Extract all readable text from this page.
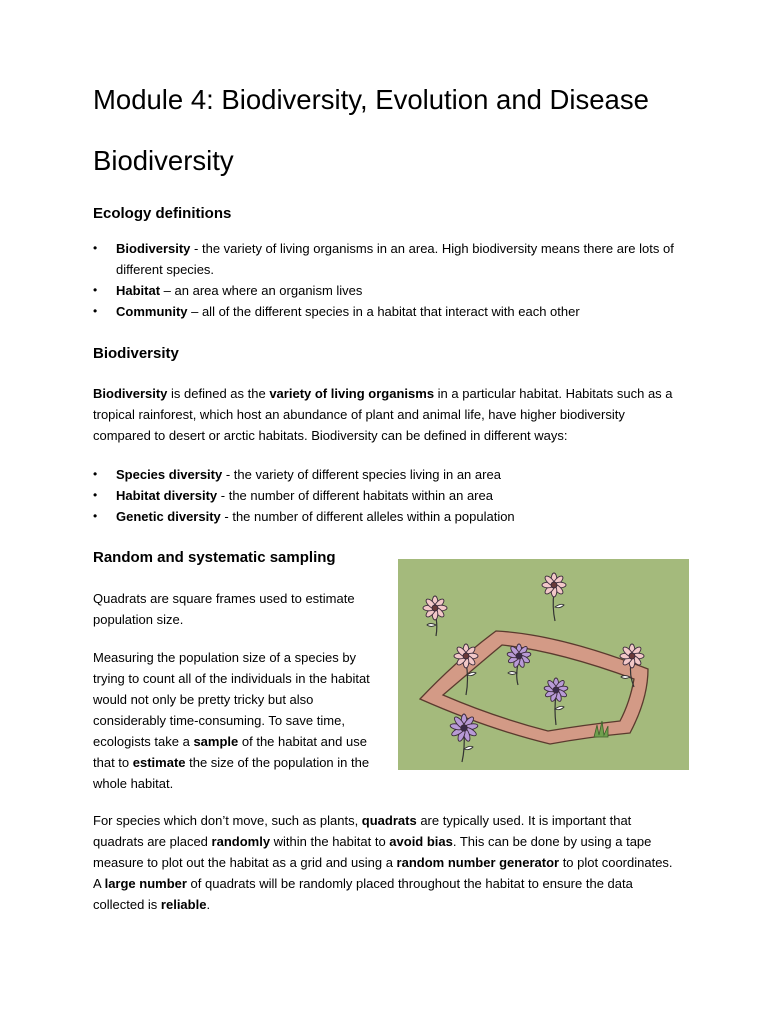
Module 4: Biodiversity, Evolution and Disease
Biodiversity
Ecology definitions
• Biodiversity - the variety of living organisms in an area. High biodiversity means there are lots of different species.
• Habitat – an area where an organism lives
• Community – all of the different species in a habitat that interact with each other
Biodiversity

Biodiversity is defined as the variety of living organisms in a particular habitat. Habitats such as a tropical rainforest, which host an abundance of plant and animal life, have higher biodiversity compared to desert or arctic habitats. Biodiversity can be defined in different ways:

• Species diversity - the variety of different species living in an area
• Habitat diversity - the number of different habitats within an area
• Genetic diversity - the number of different alleles within a population
Random and systematic sampling

Quadrats are square frames used to estimate population size.

Measuring the population size of a species by trying to count all of the individuals in the habitat would not only be pretty tricky but also considerably time-consuming. To save time, ecologists take a sample of the habitat and use that to estimate the size of the population in the whole habitat.

For species which don’t move, such as plants, quadrats are typically used. It is important that quadrats are placed randomly within the habitat to avoid bias. This can be done by using a tape measure to plot out the habitat as a grid and using a random number generator to plot coordinates. A large number of quadrats will be randomly placed throughout the habitat to ensure the data collected is reliable.
